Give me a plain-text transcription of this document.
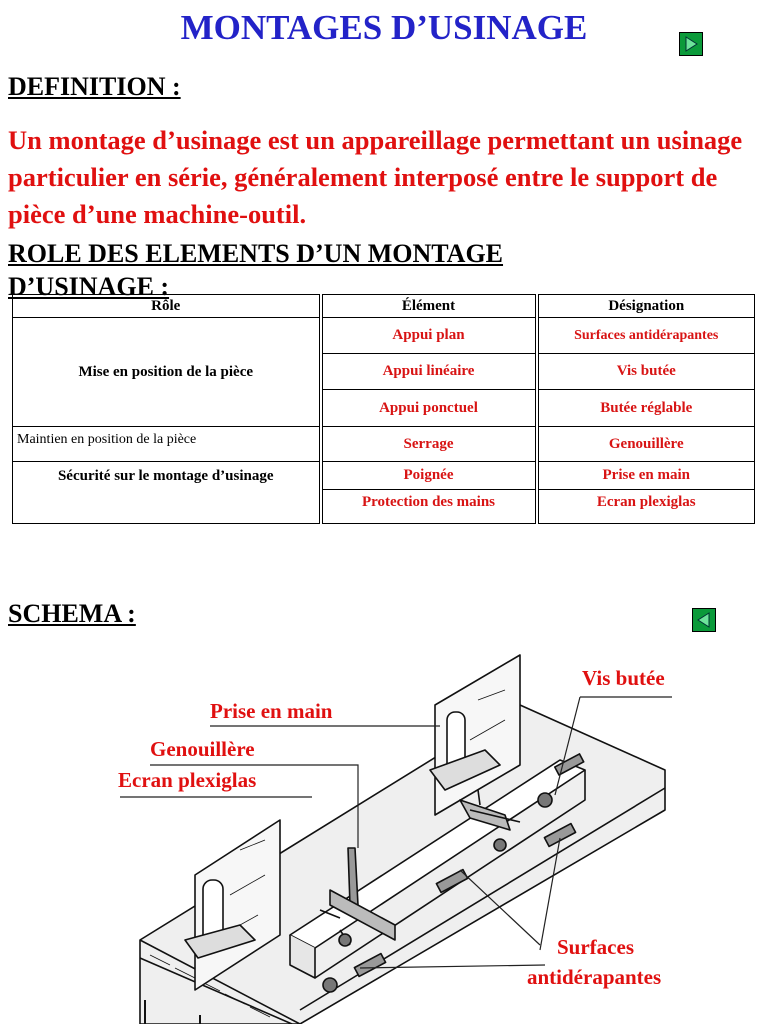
MONTAGES D’USINAGE
DEFINITION :
Un montage d’usinage est un appareillage permettant un usinage particulier en série, généralement interposé entre le support de pièce d’une machine-outil.
ROLE DES ELEMENTS D’UN MONTAGE D’USINAGE :
Rôle	Élément	Désignation
Mise en position de la pièce	Appui plan	Surfaces antidérapantes
	Appui linéaire	Vis butée
	Appui ponctuel	Butée réglable
Maintien en position de la pièce	Serrage	Genouillère
Sécurité sur le montage d’usinage	Poignée	Prise en main
	Protection des mains	Ecran plexiglas
SCHEMA :
Vis butée
Prise en main
Genouillère
Ecran plexiglas
Surfaces
antidérapantes
